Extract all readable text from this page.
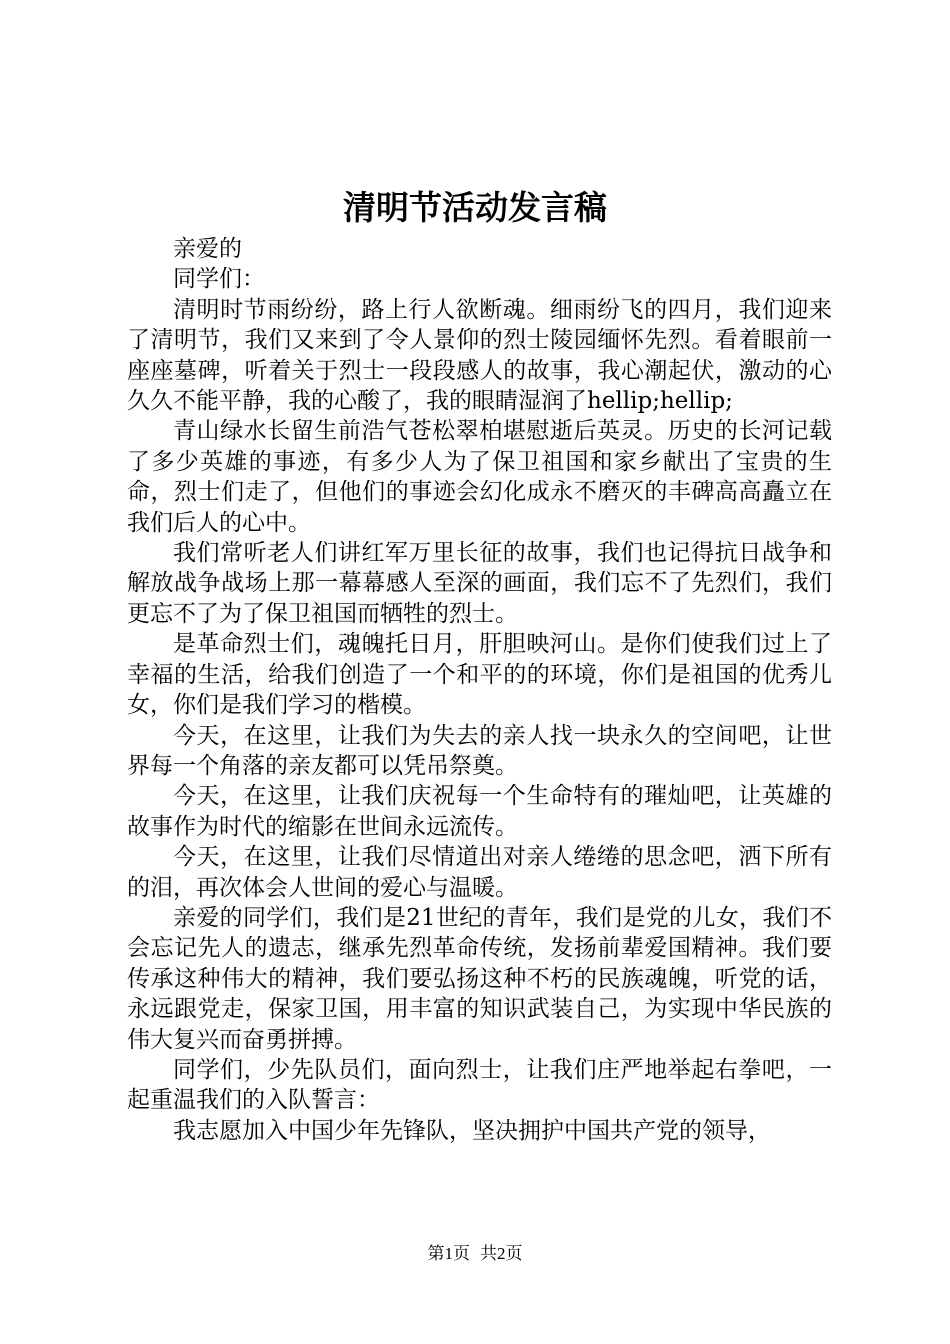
清明节活动发言稿

亲爱的

同学们：

清明时节雨纷纷，路上行人欲断魂。细雨纷飞的四月，我们迎来了清明节，我们又来到了令人景仰的烈士陵园缅怀先烈。看着眼前一座座墓碑，听着关于烈士一段段感人的故事，我心潮起伏，激动的心久久不能平静，我的心酸了，我的眼睛湿润了hellip;hellip;

青山绿水长留生前浩气苍松翠柏堪慰逝后英灵。历史的长河记载了多少英雄的事迹，有多少人为了保卫祖国和家乡献出了宝贵的生命，烈士们走了，但他们的事迹会幻化成永不磨灭的丰碑高高矗立在我们后人的心中。

我们常听老人们讲红军万里长征的故事，我们也记得抗日战争和解放战争战场上那一幕幕感人至深的画面，我们忘不了先烈们，我们更忘不了为了保卫祖国而牺牲的烈士。

是革命烈士们，魂魄托日月，肝胆映河山。是你们使我们过上了幸福的生活，给我们创造了一个和平的的环境，你们是祖国的优秀儿女，你们是我们学习的楷模。

今天，在这里，让我们为失去的亲人找一块永久的空间吧，让世界每一个角落的亲友都可以凭吊祭奠。

今天，在这里，让我们庆祝每一个生命特有的璀灿吧，让英雄的故事作为时代的缩影在世间永远流传。

今天，在这里，让我们尽情道出对亲人绻绻的思念吧，洒下所有的泪，再次体会人世间的爱心与温暖。

亲爱的同学们，我们是21世纪的青年，我们是党的儿女，我们不会忘记先人的遗志，继承先烈革命传统，发扬前辈爱国精神。我们要传承这种伟大的精神，我们要弘扬这种不朽的民族魂魄，听党的话，永远跟党走，保家卫国，用丰富的知识武装自己，为实现中华民族的伟大复兴而奋勇拼搏。

同学们，少先队员们，面向烈士，让我们庄严地举起右拳吧，一起重温我们的入队誓言：

我志愿加入中国少年先锋队，坚决拥护中国共产党的领导，

第1页 共2页
